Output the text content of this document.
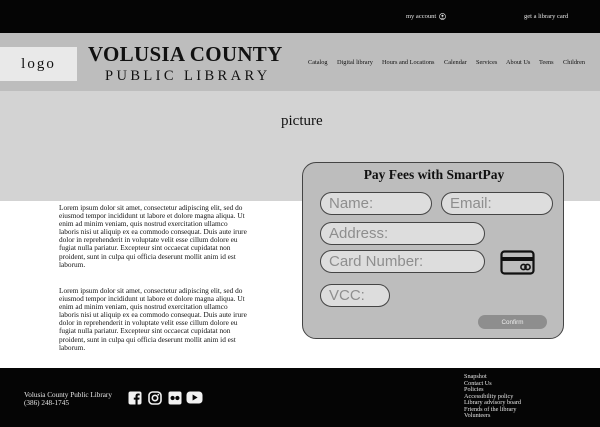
my account	get a library card
logo	VOLUSIA COUNTY
PUBLIC LIBRARY
Catalog Digital library Hours and Locations Calendar Services About Us Teens Children
picture

Lorem ipsum dolor sit amet, consectetur adipiscing elit, sed do eiusmod tempor incididunt ut labore et dolore magna aliqua. Ut enim ad minim veniam, quis nostrud exercitation ullamco laboris nisi ut aliquip ex ea commodo consequat. Duis aute irure dolor in reprehenderit in voluptate velit esse cillum dolore eu fugiat nulla pariatur. Excepteur sint occaecat cupidatat non proident, sunt in culpa qui officia deserunt mollit anim id est laborum.

Lorem ipsum dolor sit amet, consectetur adipiscing elit, sed do eiusmod tempor incididunt ut labore et dolore magna aliqua. Ut enim ad minim veniam, quis nostrud exercitation ullamco laboris nisi ut aliquip ex ea commodo consequat. Duis aute irure dolor in reprehenderit in voluptate velit esse cillum dolore eu fugiat nulla pariatur. Excepteur sint occaecat cupidatat non proident, sunt in culpa qui officia deserunt mollit anim id est laborum.

Pay Fees with SmartPay
Name:	Email:
Address:
Card Number:
VCC:
Confirm
Volusia County Public Library
(386) 248-1745
Snapshot
Contact Us
Policies
Accessibility policy
Library advisory board
Friends of the library
Volunteers
